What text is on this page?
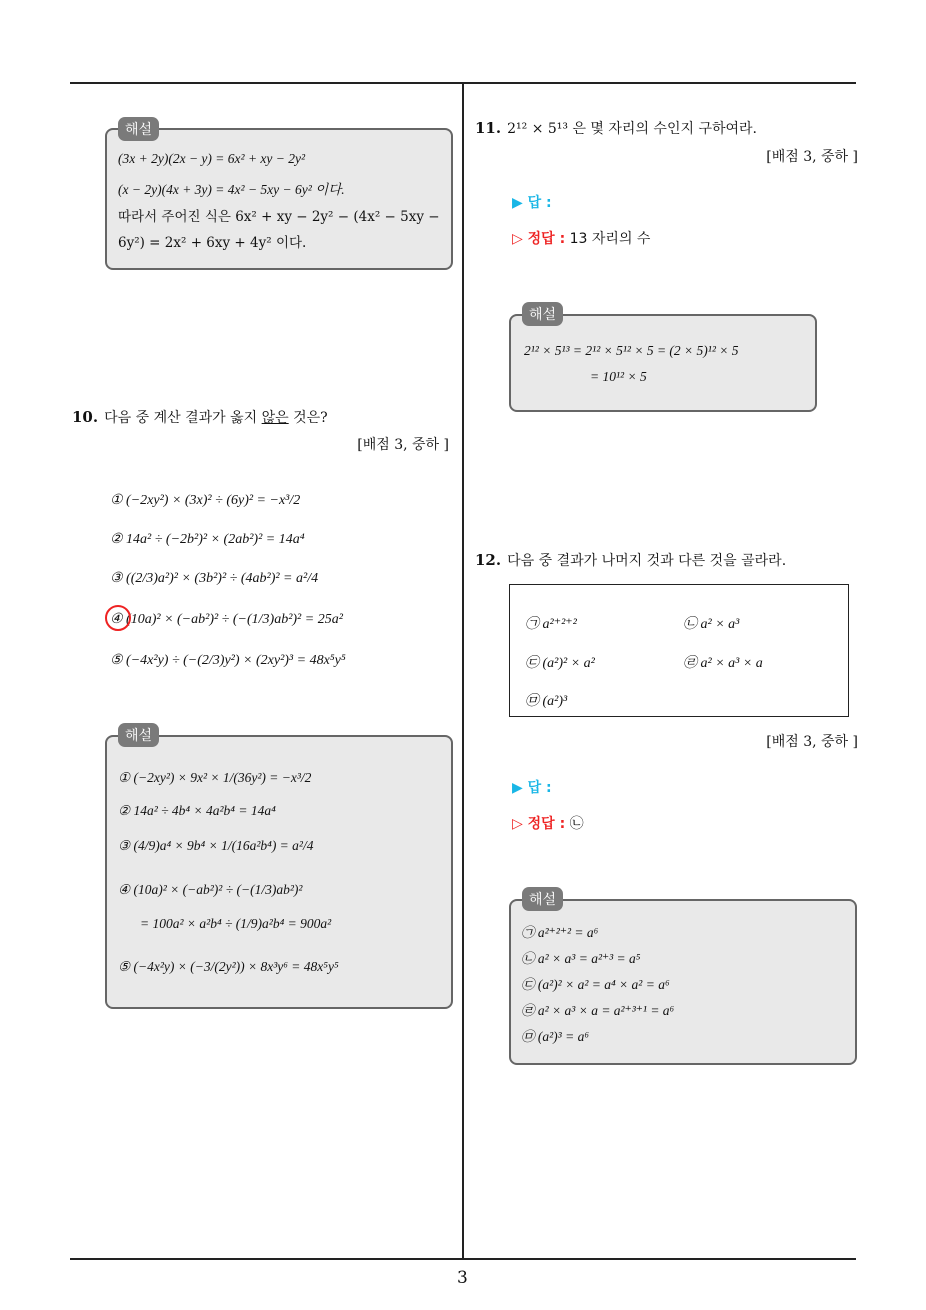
해설
(3x + 2y)(2x − y) = 6x² + xy − 2y²
(x − 2y)(4x + 3y) = 4x² − 5xy − 6y² 이다.
따라서 주어진 식은 6x² + xy − 2y² − (4x² − 5xy −
6y²) = 2x² + 6xy + 4y² 이다.
10. 다음 중 계산 결과가 옳지 않은 것은?
[배점 3, 중하 ]
① (−2xy²) × (3x)² ÷ (6y)² = −x³/2
② 14a² ÷ (−2b²)² × (2ab²)² = 14a⁴
③ ((2/3)a²)² × (3b²)² ÷ (4ab²)² = a²/4
④ (10a)² × (−ab²)² ÷ (−(1/3)ab²)² = 25a²
⑤ (−4x²y) ÷ (−(2/3)y²) × (2xy²)³ = 48x⁵y⁵
해설
① (−2xy²) × 9x² × 1/(36y²) = −x³/2
② 14a² ÷ 4b⁴ × 4a²b⁴ = 14a⁴
③ (4/9)a⁴ × 9b⁴ × 1/(16a²b⁴) = a²/4
④ (10a)² × (−ab²)² ÷ (−(1/3)ab²)²
= 100a² × a²b⁴ ÷ (1/9)a²b⁴ = 900a²
⑤ (−4x²y) × (−3/(2y²)) × 8x³y⁶ = 48x⁵y⁵
11. 2¹² × 5¹³ 은 몇 자리의 수인지 구하여라.
[배점 3, 중하 ]
▶ 답 :
▷ 정답 : 13 자리의 수
해설
2¹² × 5¹³ = 2¹² × 5¹² × 5 = (2 × 5)¹² × 5
= 10¹² × 5
12. 다음 중 결과가 나머지 것과 다른 것을 골라라.
㉠ a²⁺²⁺²	㉡ a² × a³
㉢ (a²)² × a²	㉣ a² × a³ × a
㉤ (a²)³
[배점 3, 중하 ]
▶ 답 :
▷ 정답 : ㉡
해설
㉠ a²⁺²⁺² = a⁶
㉡ a² × a³ = a²⁺³ = a⁵
㉢ (a²)² × a² = a⁴ × a² = a⁶
㉣ a² × a³ × a = a²⁺³⁺¹ = a⁶
㉤ (a²)³ = a⁶
3
